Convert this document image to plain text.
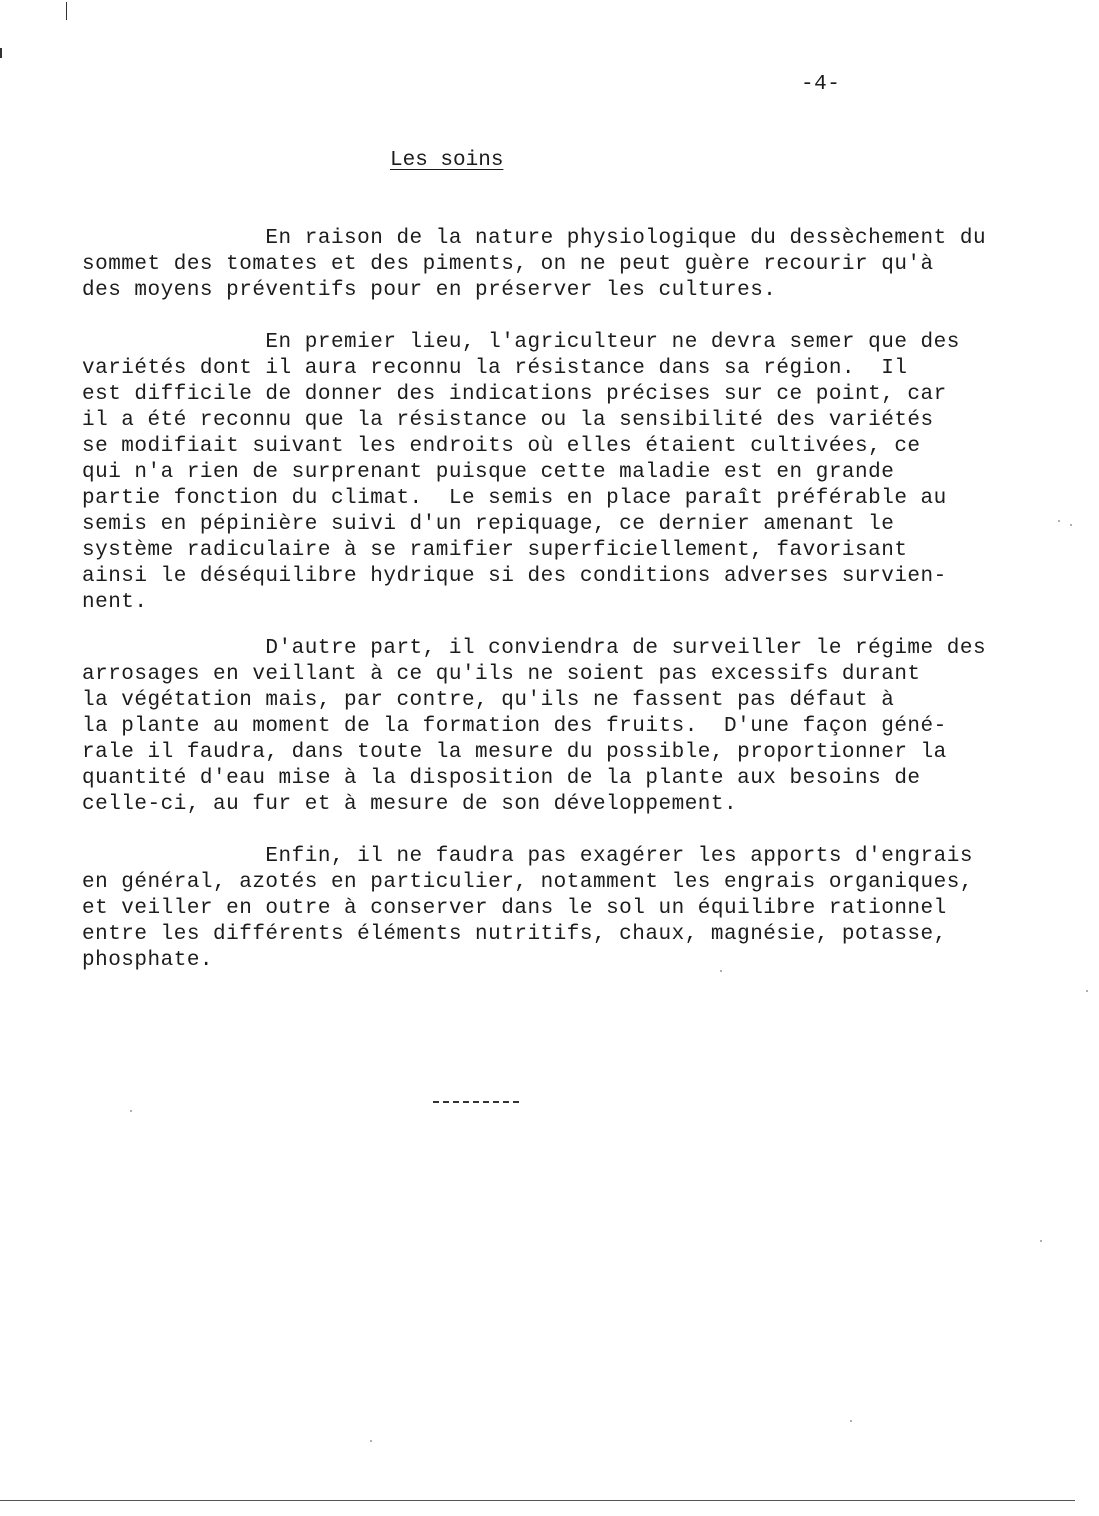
-4-
Les soins

En raison de la nature physiologique du dessèchement du
sommet des tomates et des piments, on ne peut guère recourir qu'à
des moyens préventifs pour en préserver les cultures.

En premier lieu, l'agriculteur ne devra semer que des
variétés dont il aura reconnu la résistance dans sa région.  Il
est difficile de donner des indications précises sur ce point, car
il a été reconnu que la résistance ou la sensibilité des variétés
se modifiait suivant les endroits où elles étaient cultivées, ce
qui n'a rien de surprenant puisque cette maladie est en grande
partie fonction du climat.  Le semis en place paraît préférable au
semis en pépinière suivi d'un repiquage, ce dernier amenant le
système radiculaire à se ramifier superficiellement, favorisant
ainsi le déséquilibre hydrique si des conditions adverses survien-
nent.

D'autre part, il conviendra de surveiller le régime des
arrosages en veillant à ce qu'ils ne soient pas excessifs durant
la végétation mais, par contre, qu'ils ne fassent pas défaut à
la plante au moment de la formation des fruits.  D'une façon géné-
rale il faudra, dans toute la mesure du possible, proportionner la
quantité d'eau mise à la disposition de la plante aux besoins de
celle-ci, au fur et à mesure de son développement.

Enfin, il ne faudra pas exagérer les apports d'engrais
en général, azotés en particulier, notamment les engrais organiques,
et veiller en outre à conserver dans le sol un équilibre rationnel
entre les différents éléments nutritifs, chaux, magnésie, potasse,
phosphate.
